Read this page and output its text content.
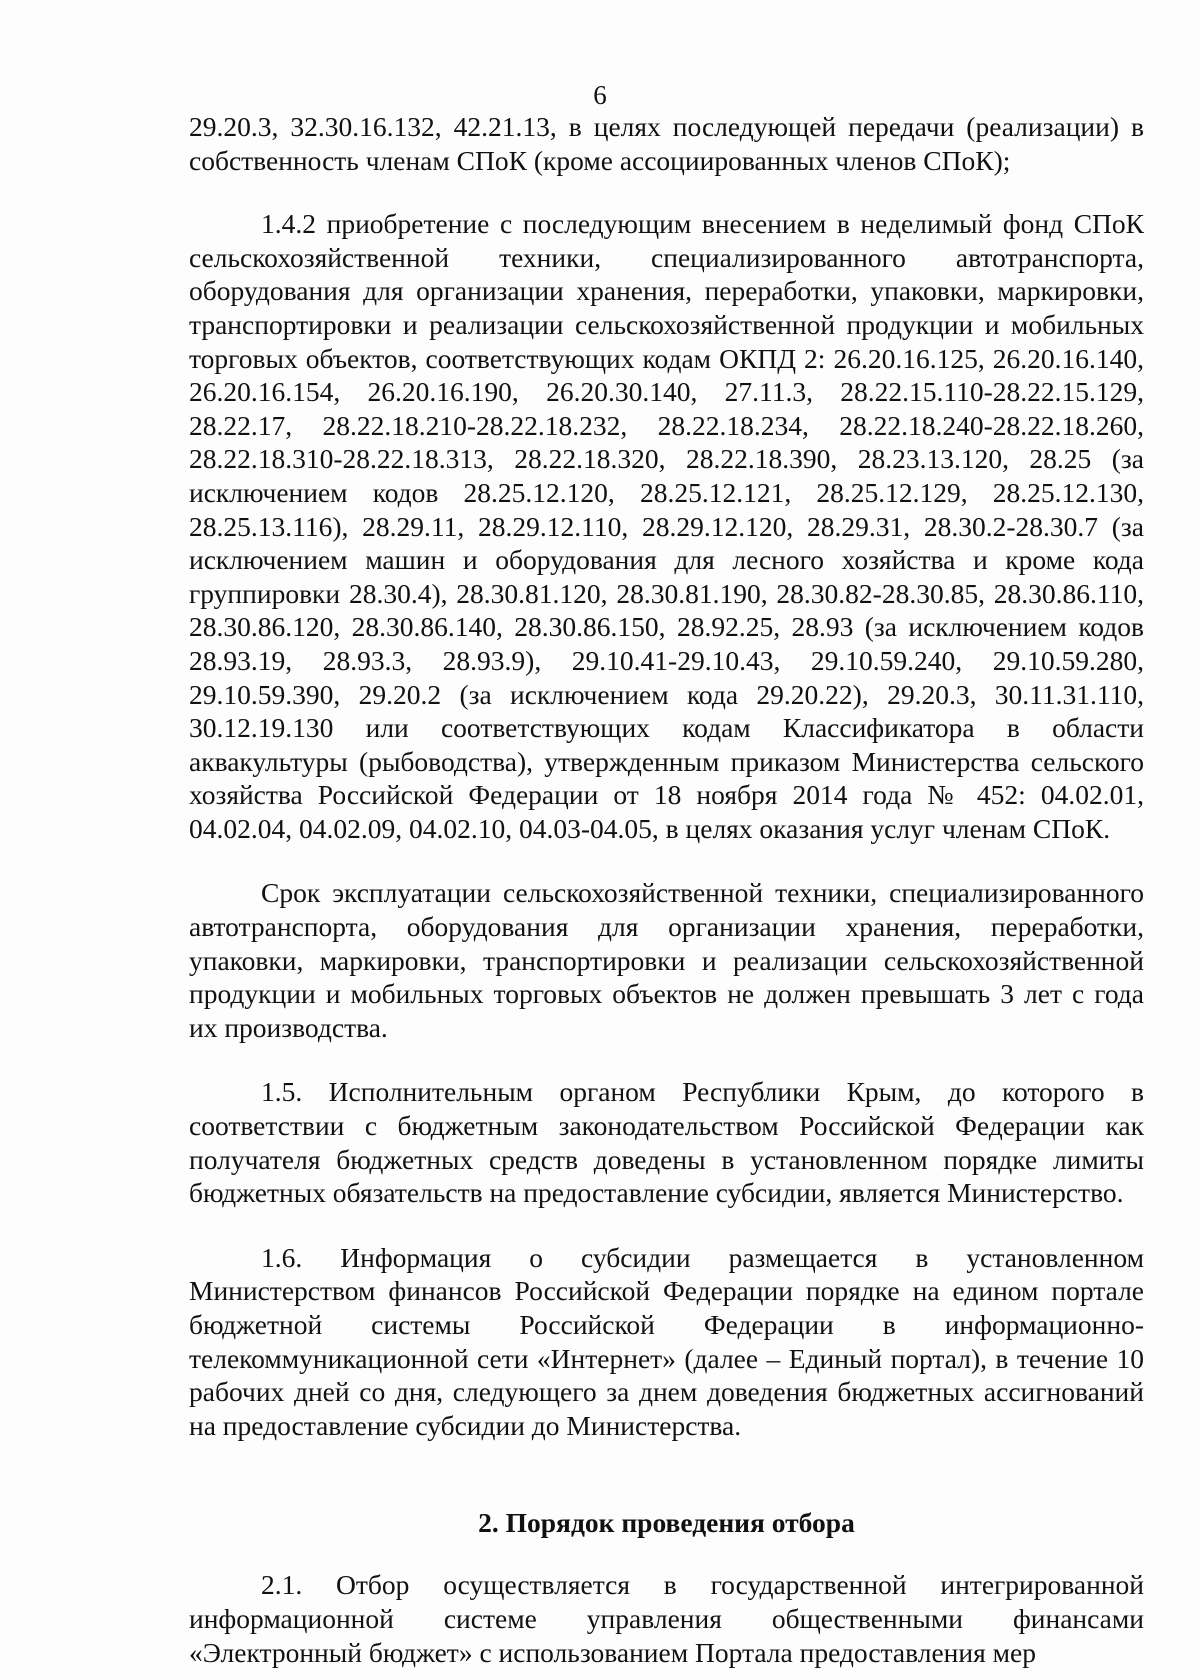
6

29.20.3, 32.30.16.132, 42.21.13, в целях последующей передачи (реализации) в собственность членам СПоК (кроме ассоциированных членов СПоК);

1.4.2 приобретение с последующим внесением в неделимый фонд СПоК сельскохозяйственной техники, специализированного автотранспорта, оборудования для организации хранения, переработки, упаковки, маркировки, транспортировки и реализации сельскохозяйственной продукции и мобильных торговых объектов, соответствующих кодам ОКПД 2: 26.20.16.125, 26.20.16.140, 26.20.16.154, 26.20.16.190, 26.20.30.140, 27.11.3, 28.22.15.110-28.22.15.129, 28.22.17, 28.22.18.210-28.22.18.232, 28.22.18.234, 28.22.18.240-28.22.18.260, 28.22.18.310-28.22.18.313, 28.22.18.320, 28.22.18.390, 28.23.13.120, 28.25 (за исключением кодов 28.25.12.120, 28.25.12.121, 28.25.12.129, 28.25.12.130, 28.25.13.116), 28.29.11, 28.29.12.110, 28.29.12.120, 28.29.31, 28.30.2-28.30.7 (за исключением машин и оборудования для лесного хозяйства и кроме кода группировки 28.30.4), 28.30.81.120, 28.30.81.190, 28.30.82-28.30.85, 28.30.86.110, 28.30.86.120, 28.30.86.140, 28.30.86.150, 28.92.25, 28.93 (за исключением кодов 28.93.19, 28.93.3, 28.93.9), 29.10.41-29.10.43, 29.10.59.240, 29.10.59.280, 29.10.59.390, 29.20.2 (за исключением кода 29.20.22), 29.20.3, 30.11.31.110, 30.12.19.130 или соответствующих кодам Классификатора в области аквакультуры (рыбоводства), утвержденным приказом Министерства сельского хозяйства Российской Федерации от 18 ноября 2014 года № 452: 04.02.01, 04.02.04, 04.02.09, 04.02.10, 04.03-04.05, в целях оказания услуг членам СПоК.

Срок эксплуатации сельскохозяйственной техники, специализированного автотранспорта, оборудования для организации хранения, переработки, упаковки, маркировки, транспортировки и реализации сельскохозяйственной продукции и мобильных торговых объектов не должен превышать 3 лет с года их производства.

1.5. Исполнительным органом Республики Крым, до которого в соответствии с бюджетным законодательством Российской Федерации как получателя бюджетных средств доведены в установленном порядке лимиты бюджетных обязательств на предоставление субсидии, является Министерство.

1.6. Информация о субсидии размещается в установленном Министерством финансов Российской Федерации порядке на едином портале бюджетной системы Российской Федерации в информационно-телекоммуникационной сети «Интернет» (далее – Единый портал), в течение 10 рабочих дней со дня, следующего за днем доведения бюджетных ассигнований на предоставление субсидии до Министерства.

2. Порядок проведения отбора

2.1. Отбор осуществляется в государственной интегрированной информационной системе управления общественными финансами «Электронный бюджет» с использованием Портала предоставления мер
